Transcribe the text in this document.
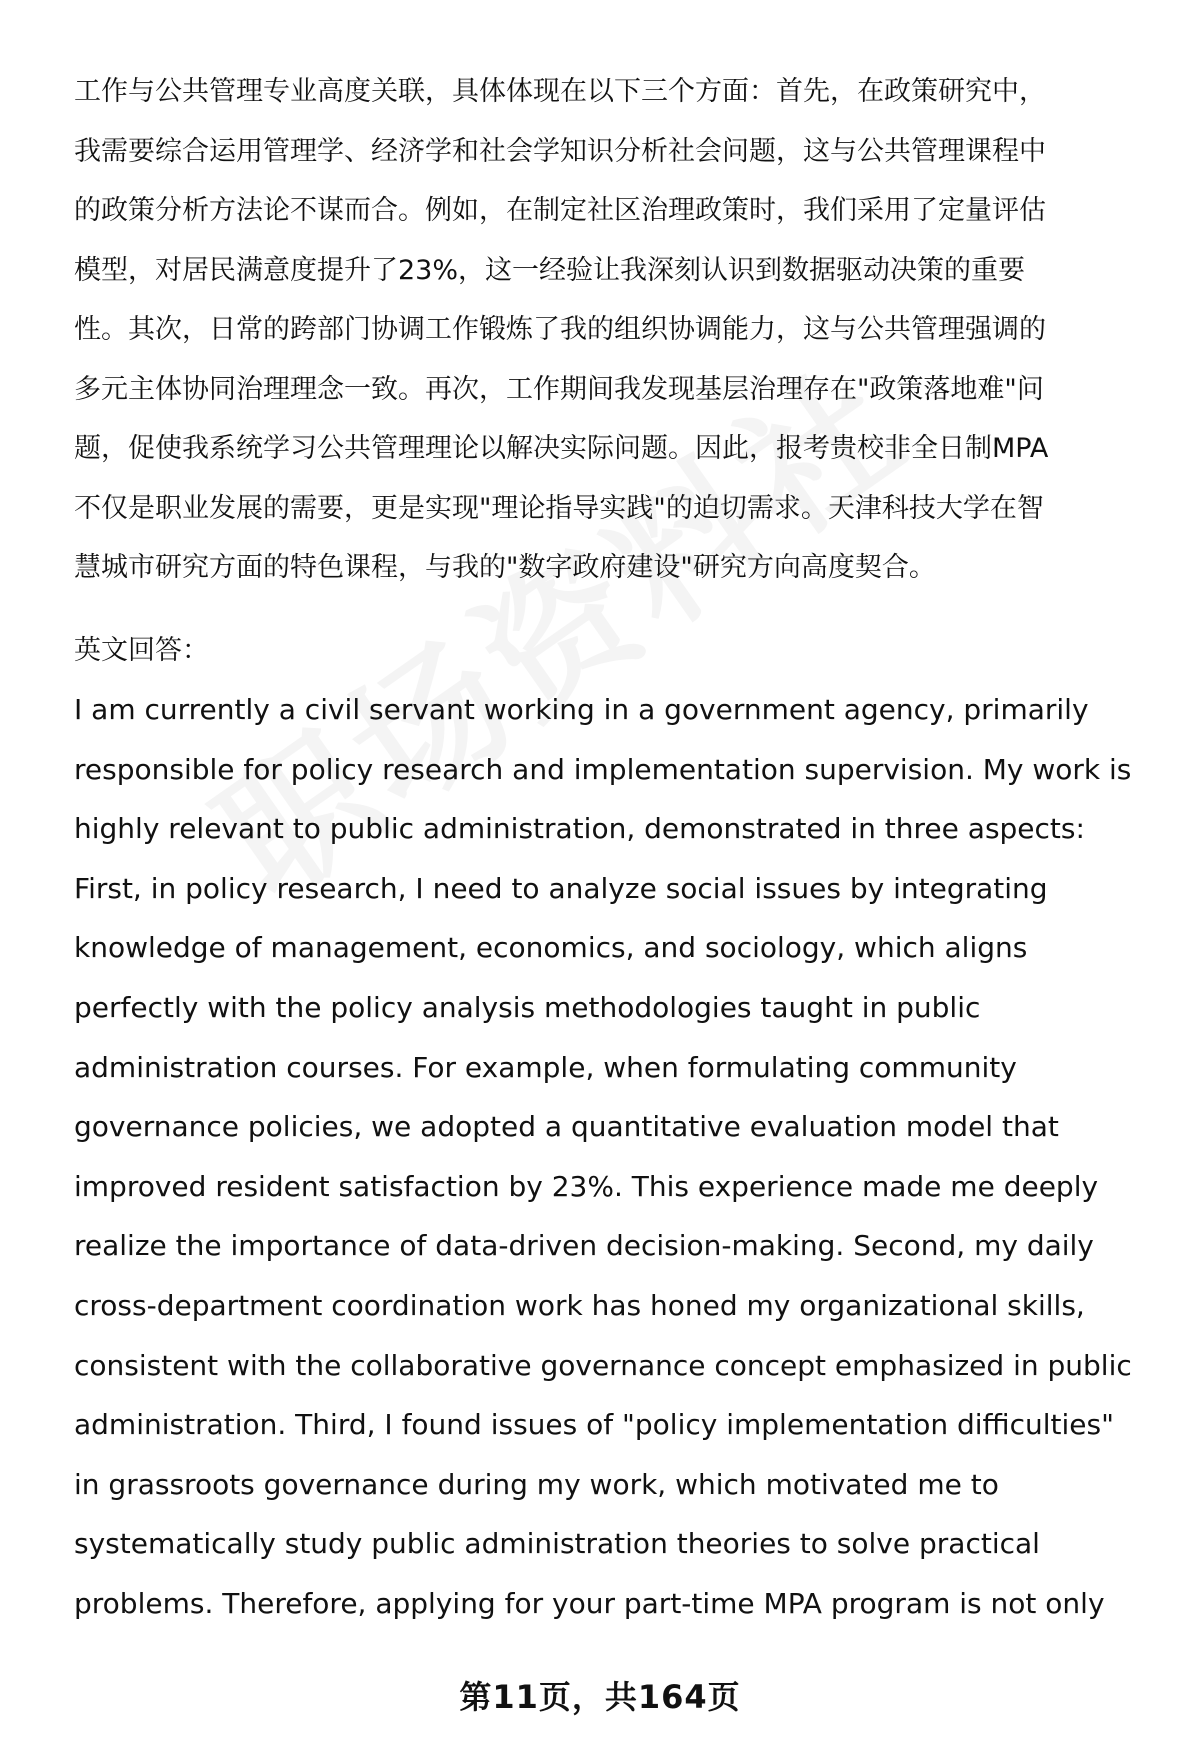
工作与公共管理专业高度关联，具体体现在以下三个方面：首先，在政策研究中，
我需要综合运用管理学、经济学和社会学知识分析社会问题，这与公共管理课程中
的政策分析方法论不谋而合。例如，在制定社区治理政策时，我们采用了定量评估
模型，对居民满意度提升了23%，这一经验让我深刻认识到数据驱动决策的重要
性。其次，日常的跨部门协调工作锻炼了我的组织协调能力，这与公共管理强调的
多元主体协同治理理念一致。再次，工作期间我发现基层治理存在"政策落地难"问
题，促使我系统学习公共管理理论以解决实际问题。因此，报考贵校非全日制MPA
不仅是职业发展的需要，更是实现"理论指导实践"的迫切需求。天津科技大学在智
慧城市研究方面的特色课程，与我的"数字政府建设"研究方向高度契合。
英文回答：
I am currently a civil servant working in a government agency, primarily
responsible for policy research and implementation supervision. My work is
highly relevant to public administration, demonstrated in three aspects:
First, in policy research, I need to analyze social issues by integrating
knowledge of management, economics, and sociology, which aligns
perfectly with the policy analysis methodologies taught in public
administration courses. For example, when formulating community
governance policies, we adopted a quantitative evaluation model that
improved resident satisfaction by 23%. This experience made me deeply
realize the importance of data-driven decision-making. Second, my daily
cross-department coordination work has honed my organizational skills,
consistent with the collaborative governance concept emphasized in public
administration. Third, I found issues of "policy implementation difficulties"
in grassroots governance during my work, which motivated me to
systematically study public administration theories to solve practical
problems. Therefore, applying for your part-time MPA program is not only
第11页，共164页
